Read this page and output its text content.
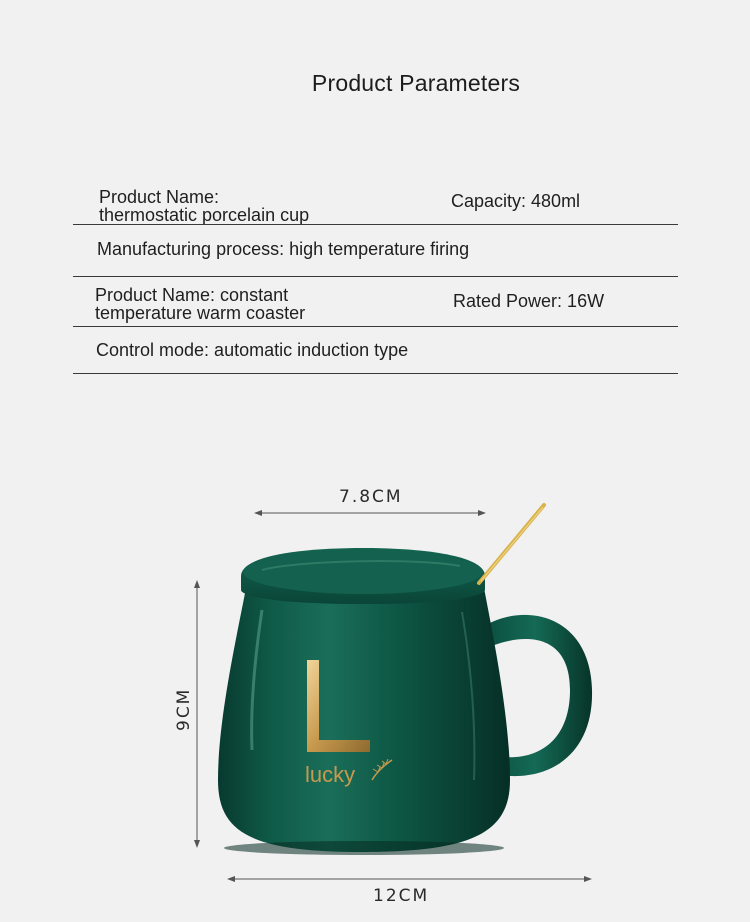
Product Parameters
Product Name:
thermostatic porcelain cup
Capacity: 480ml
Manufacturing process: high temperature firing
Product Name: constant
temperature warm coaster
Rated Power: 16W
Control mode: automatic induction type
lucky
7.8CM
9CM
12CM
